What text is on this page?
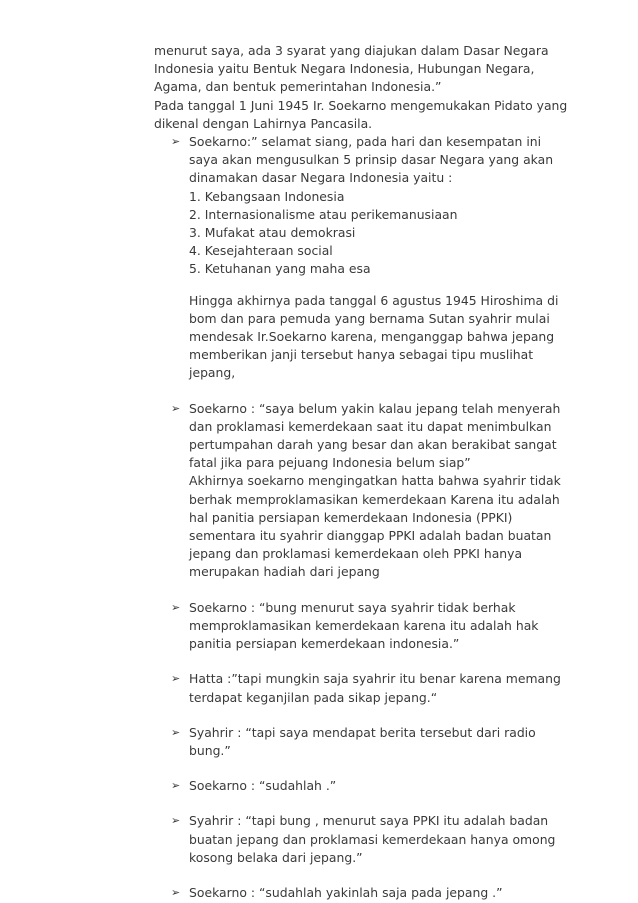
menurut saya, ada 3 syarat yang diajukan dalam Dasar Negara

Indonesia yaitu Bentuk Negara Indonesia, Hubungan Negara,

Agama, dan bentuk pemerintahan Indonesia.”

Pada tanggal 1 Juni 1945 Ir. Soekarno mengemukakan Pidato yang

dikenal dengan Lahirnya Pancasila.

➢ Soekarno:” selamat siang, pada hari dan kesempatan ini

saya akan mengusulkan 5 prinsip dasar Negara yang akan

dinamakan dasar Negara Indonesia yaitu :

1. Kebangsaan Indonesia

2. Internasionalisme atau perikemanusiaan

3. Mufakat atau demokrasi

4. Kesejahteraan social

5. Ketuhanan yang maha esa

Hingga akhirnya pada tanggal 6 agustus 1945 Hiroshima di

bom dan para pemuda yang bernama Sutan syahrir mulai

mendesak Ir.Soekarno karena, menganggap bahwa jepang

memberikan janji tersebut hanya sebagai tipu muslihat

jepang,

➢ Soekarno : “saya belum yakin kalau jepang telah menyerah

dan proklamasi kemerdekaan saat itu dapat menimbulkan

pertumpahan darah yang besar dan akan berakibat sangat

fatal jika para pejuang Indonesia belum siap”

Akhirnya soekarno mengingatkan hatta bahwa syahrir tidak

berhak memproklamasikan kemerdekaan Karena itu adalah

hal panitia persiapan kemerdekaan Indonesia (PPKI)

sementara itu syahrir dianggap PPKI adalah badan buatan

jepang dan proklamasi kemerdekaan oleh PPKI hanya

merupakan hadiah dari jepang

➢ Soekarno : “bung menurut saya syahrir tidak berhak

memproklamasikan kemerdekaan karena itu adalah hak

panitia persiapan kemerdekaan indonesia.”

➢ Hatta :”tapi mungkin saja syahrir itu benar karena memang

terdapat keganjilan pada sikap jepang.“

➢ Syahrir : “tapi saya mendapat berita tersebut dari radio

bung.”

➢ Soekarno : “sudahlah .”

➢ Syahrir : “tapi bung , menurut saya PPKI itu adalah badan

buatan jepang dan proklamasi kemerdekaan hanya omong

kosong belaka dari jepang.”

➢ Soekarno : “sudahlah yakinlah saja pada jepang .”
